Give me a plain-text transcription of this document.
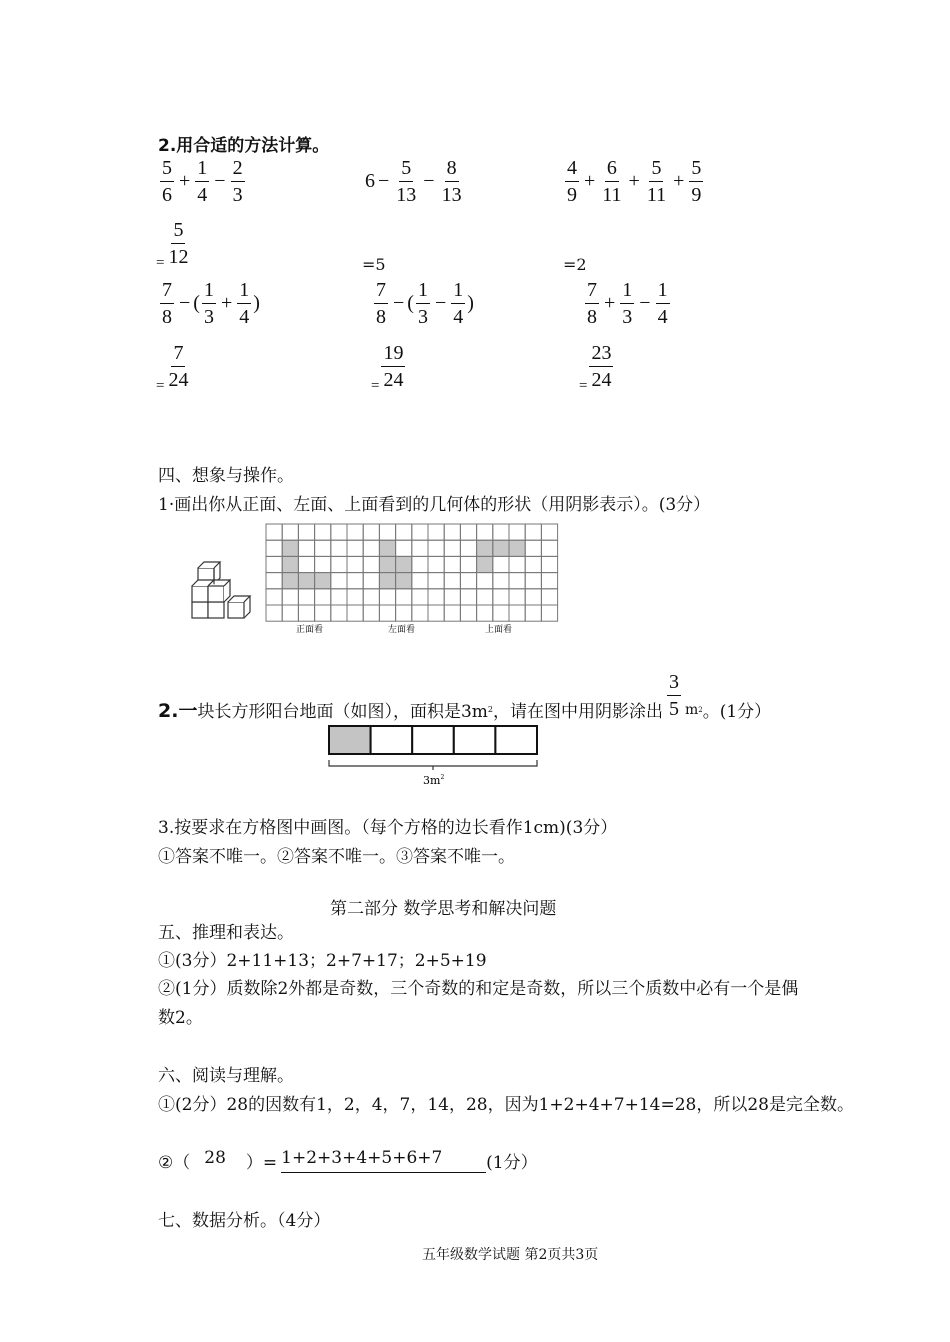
2.用合适的方法计算。
$\frac{5}{6} + \frac{1}{4} - \frac{2}{3}$
= $\frac{5}{12}$
$6 - \frac{5}{13} - \frac{8}{13}$
=5
$\frac{4}{9} + \frac{6}{11} + \frac{5}{11} + \frac{5}{9}$
=2
$\frac{7}{8}$ − ( $\frac{1}{3} + \frac{1}{4}$ )
= $\frac{7}{24}$
$\frac{7}{8}$ − ( $\frac{1}{3} - \frac{1}{4}$ )
= $\frac{19}{24}$
$\frac{7}{8} + \frac{1}{3} - \frac{1}{4}$
= $\frac{23}{24}$
四、想象与操作。
1·画出你从正面、左面、上面看到的几何体的形状（用阴影表示）。(3分）
正面看	左面看	上面看
2.一 块长方形阳台地面（如图），面积是3m 2 ，请在图中用阴影涂出 $\frac{3}{5}$ m 2 。(1分）
$3m^2$
3.按要求在方格图中画图。（每个方格的边长看作1cm)(3分）
①答案不唯一。②答案不唯一。③答案不唯一。
第二部分 数学思考和解决问题
五、推理和表达。
①(3分）2+11+13；2+7+17；2+5+19
②(1分）质数除2外都是奇数，三个奇数的和定是奇数，所以三个质数中必有一个是偶
数2。
六、阅读与理解。
①(2分）28的因数有1，2，4，7，14，28，因为1+2+4+7+14=28，所以28是完全数。
②（ 28 ）= 1+2+3+4+5+6+7	(1分）
七、数据分析。（4分）
五年级数学试题 第2页共3页
